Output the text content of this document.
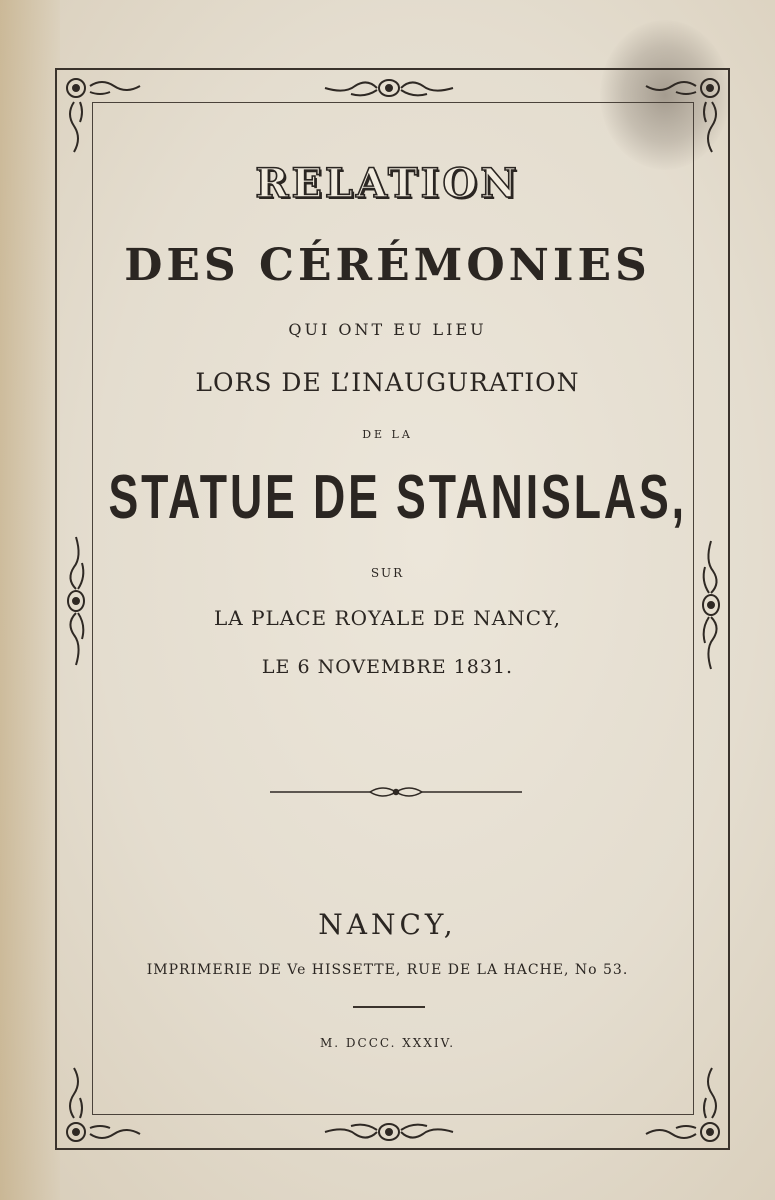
RELATION
DES CÉRÉMONIES
QUI ONT EU LIEU
LORS DE L’INAUGURATION
DE LA
STATUE DE STANISLAS,
SUR
LA PLACE ROYALE DE NANCY,
LE 6 NOVEMBRE 1831.
NANCY,
IMPRIMERIE DE Ve HISSETTE, RUE DE LA HACHE, No 53.
M. DCCC. XXXIV.
